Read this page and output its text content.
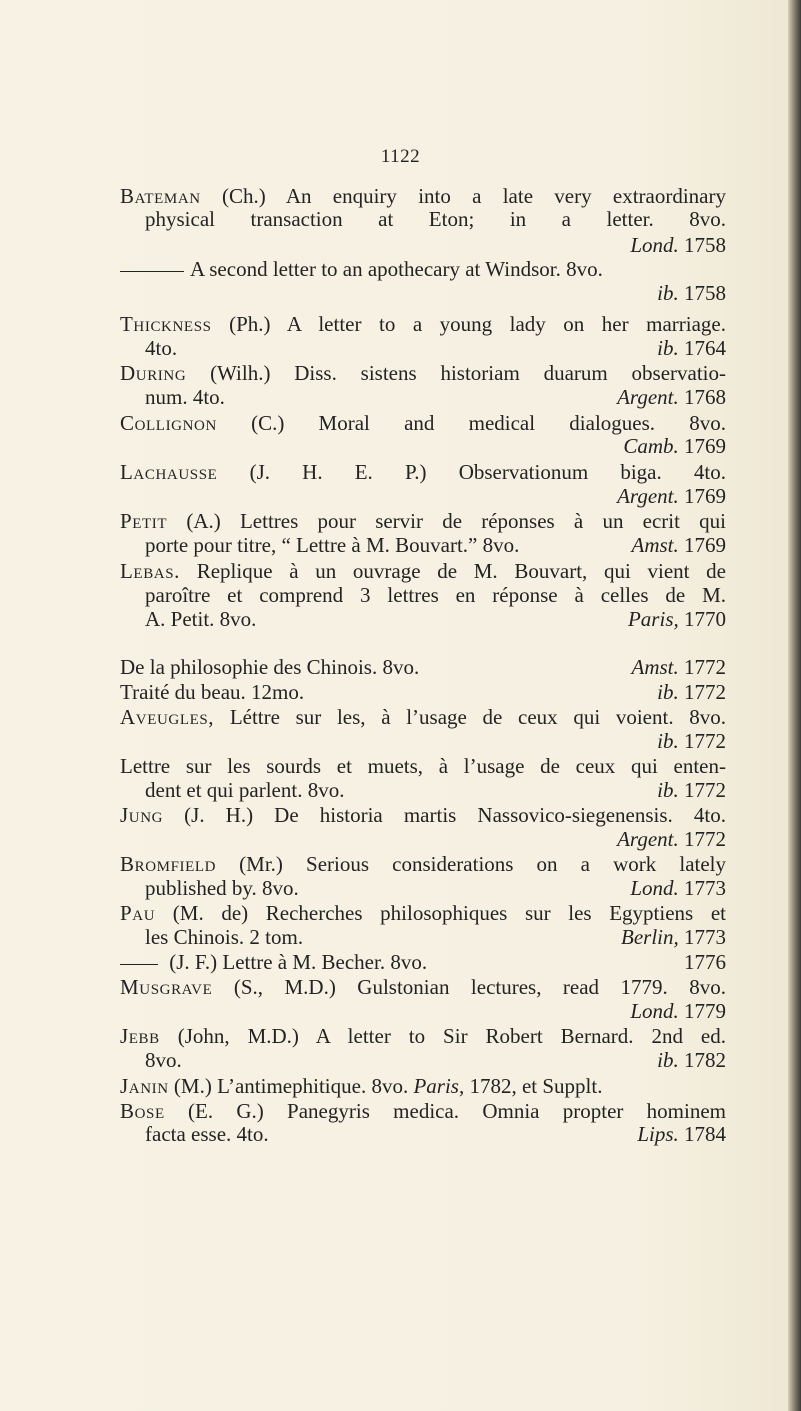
1122
Bateman (Ch.) An enquiry into a late very extraordinary
physical transaction at Eton; in a letter. 8vo.
Lond. 1758
A second letter to an apothecary at Windsor. 8vo.
ib. 1758
Thickness (Ph.) A letter to a young lady on her marriage.
4to.	ib. 1764
During (Wilh.) Diss. sistens historiam duarum observatio-
num. 4to.	Argent. 1768
Collignon (C.) Moral and medical dialogues. 8vo.
Camb. 1769
Lachausse (J. H. E. P.) Observationum biga. 4to.
Argent. 1769
Petit (A.) Lettres pour servir de réponses à un ecrit qui
porte pour titre, “ Lettre à M. Bouvart.” 8vo.	Amst. 1769
Lebas. Replique à un ouvrage de M. Bouvart, qui vient de
paroître et comprend 3 lettres en réponse à celles de M.
A. Petit. 8vo.	Paris, 1770
De la philosophie des Chinois. 8vo.	Amst. 1772
Traité du beau. 12mo.	ib. 1772
Aveugles, Léttre sur les, à l’usage de ceux qui voient. 8vo.
ib. 1772
Lettre sur les sourds et muets, à l’usage de ceux qui enten-
dent et qui parlent. 8vo.	ib. 1772
Jung (J. H.) De historia martis Nassovico-siegenensis. 4to.
Argent. 1772
Bromfield (Mr.) Serious considerations on a work lately
published by. 8vo.	Lond. 1773
Pau (M. de) Recherches philosophiques sur les Egyptiens et
les Chinois. 2 tom.	Berlin, 1773
(J. F.) Lettre à M. Becher. 8vo.	1776
Musgrave (S., M.D.) Gulstonian lectures, read 1779. 8vo.
Lond. 1779
Jebb (John, M.D.) A letter to Sir Robert Bernard. 2nd ed.
8vo.	ib. 1782
Janin (M.) L’antimephitique. 8vo. Paris, 1782, et Supplt.
Bose (E. G.) Panegyris medica. Omnia propter hominem
facta esse. 4to.	Lips. 1784
